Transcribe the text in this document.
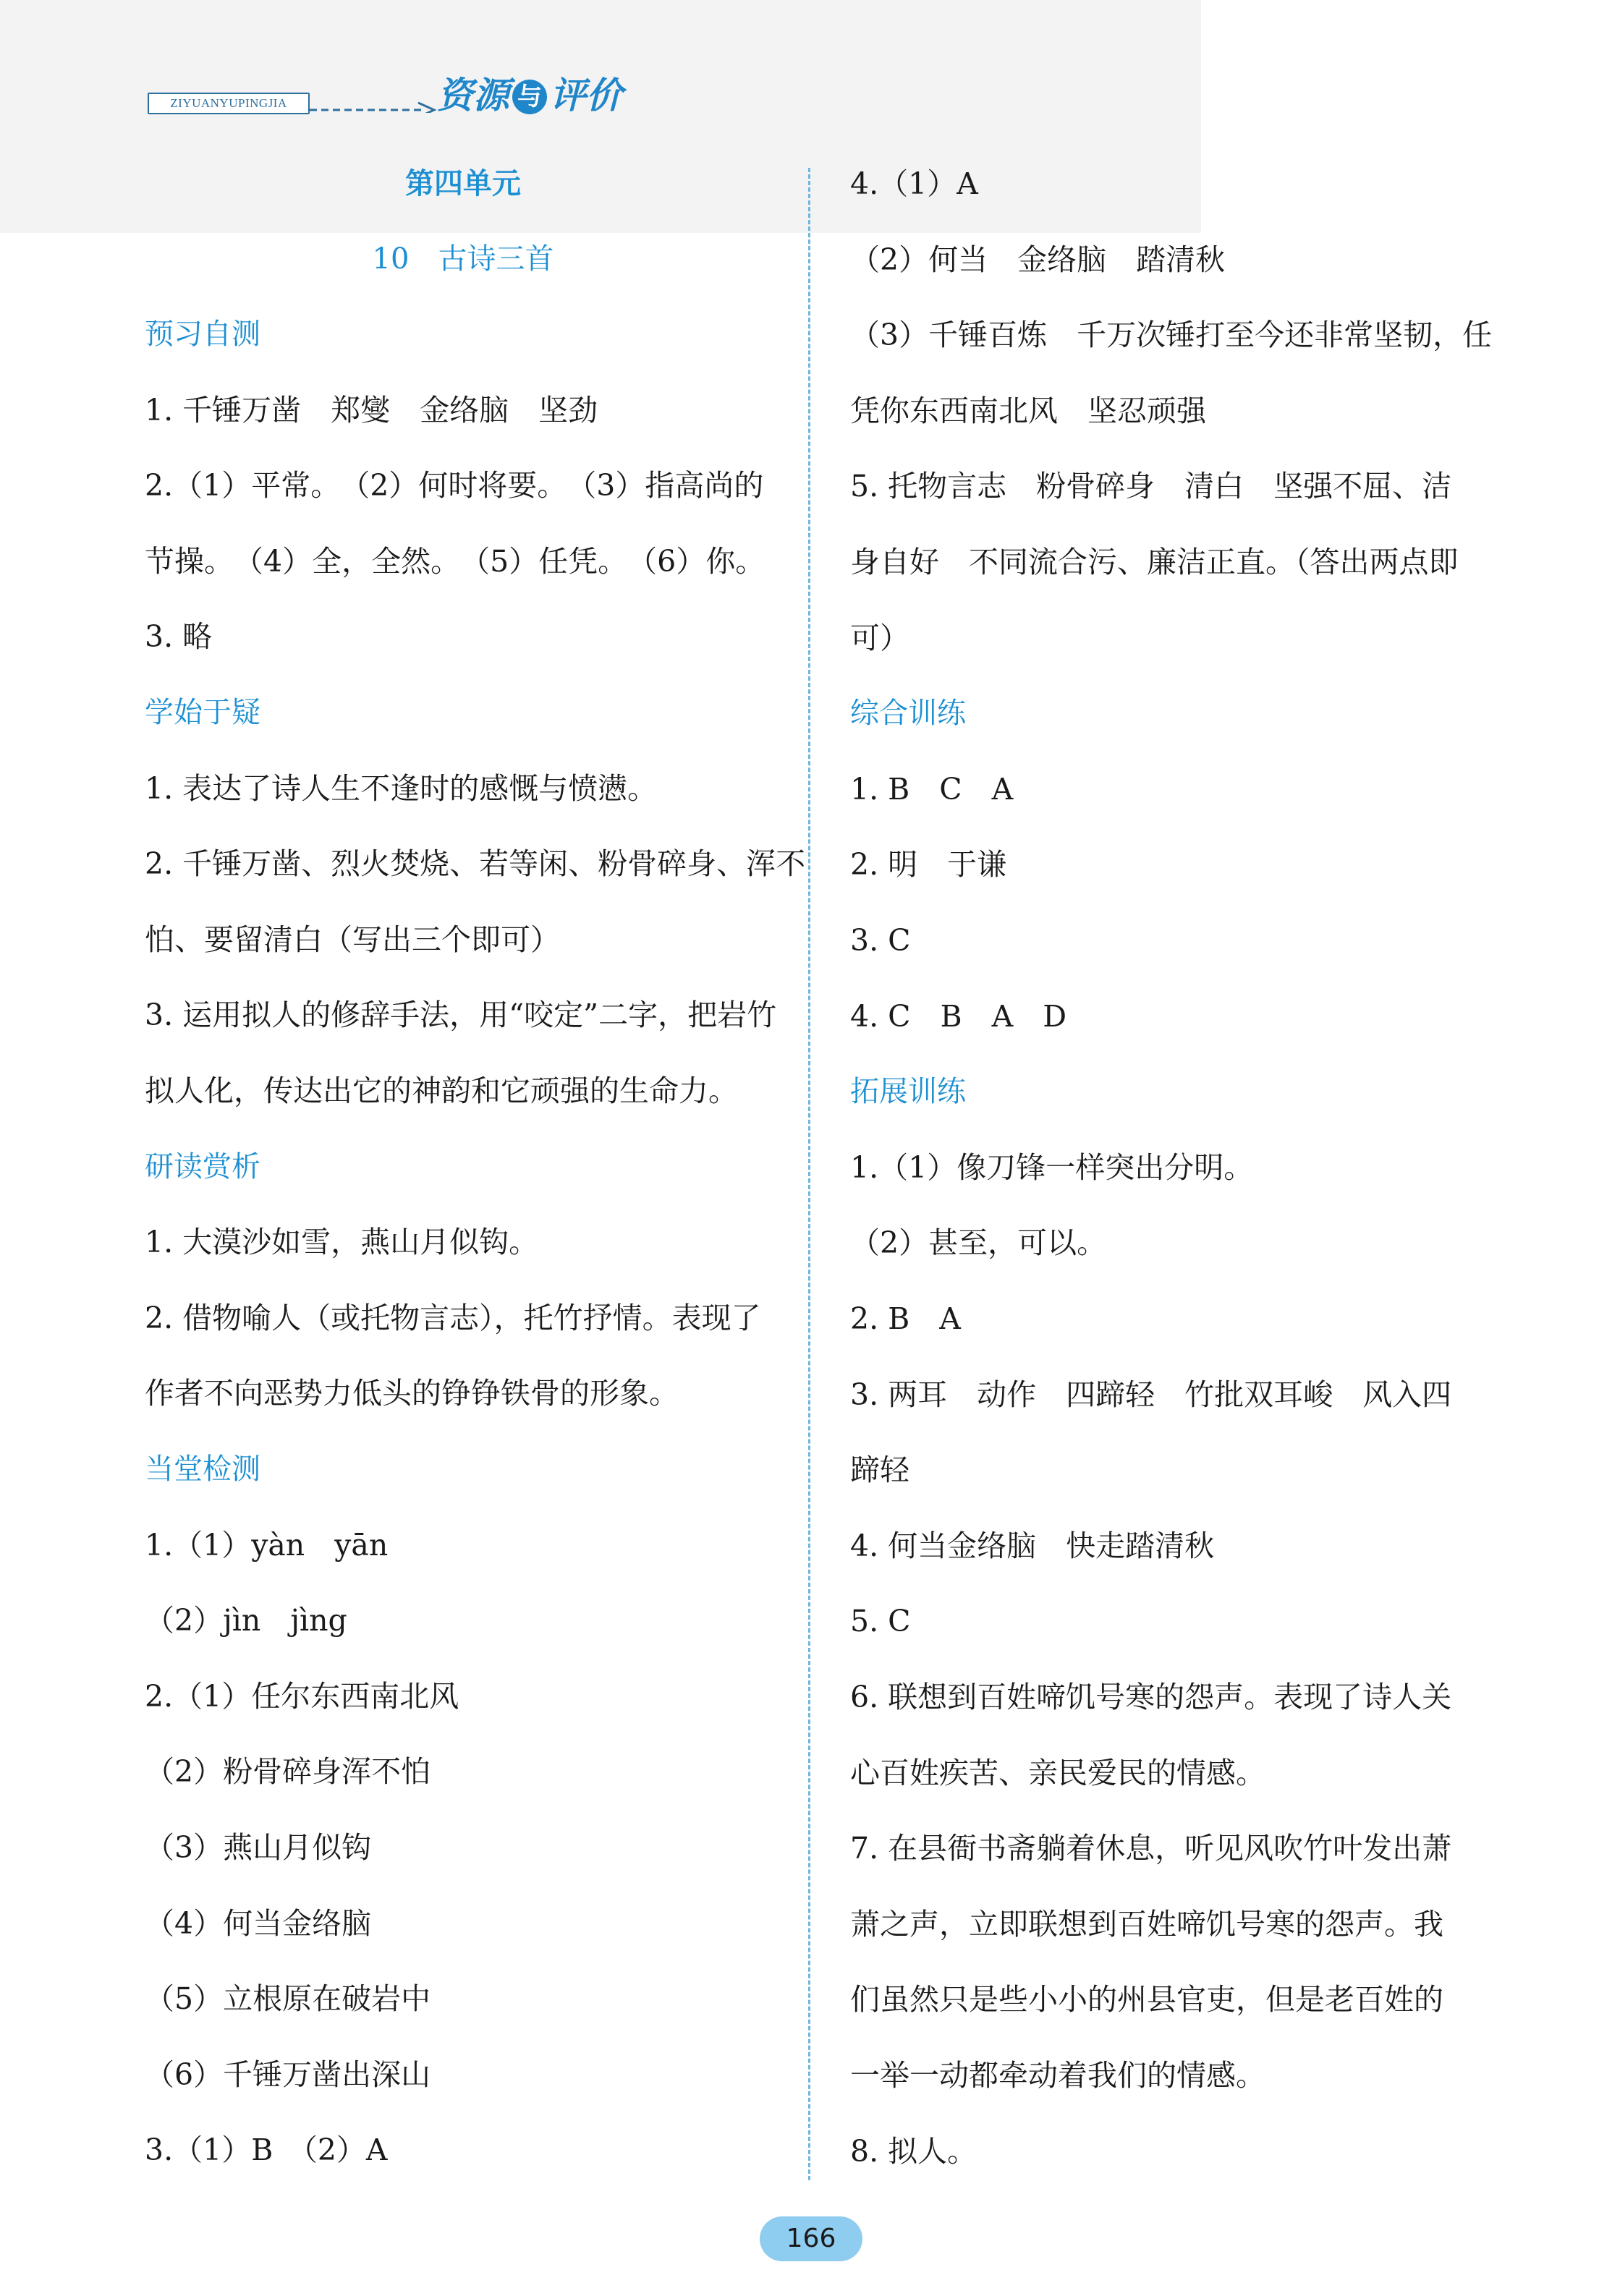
ZIYUANYUPINGJIA	资源 与 评价
第四单元
10　古诗三首
预习自测
1. 千锤万凿　郑燮　金络脑　坚劲
2.（1）平常。　（2）何时将要。　（3）指高尚的
节操。　（4）全，全然。　（5）任凭。　（6）你。
3. 略
学始于疑
1. 表达了诗人生不逢时的感慨与愤懑。
2. 千锤万凿、烈火焚烧、若等闲、粉骨碎身、浑不
怕、要留清白（写出三个即可）
3. 运用拟人的修辞手法，用“咬定”二字，把岩竹
拟人化，传达出它的神韵和它顽强的生命力。
研读赏析
1. 大漠沙如雪，燕山月似钩。
2. 借物喻人（或托物言志），托竹抒情。表现了
作者不向恶势力低头的铮铮铁骨的形象。
当堂检测
1.（1）yàn　yān
（2）jìn　jìng
2.（1）任尔东西南北风
（2）粉骨碎身浑不怕
（3）燕山月似钩
（4）何当金络脑
（5）立根原在破岩中
（6）千锤万凿出深山
3.（1）B　（2）A
4.（1）A
（2）何当　金络脑　踏清秋
（3）千锤百炼　千万次锤打至今还非常坚韧，任
凭你东西南北风　坚忍顽强
5. 托物言志　粉骨碎身　清白　坚强不屈、洁
身自好　不同流合污、廉洁正直。（答出两点即
可）
综合训练
1. B　C　A
2. 明　于谦
3. C
4. C　B　A　D
拓展训练
1.（1）像刀锋一样突出分明。
（2）甚至，可以。
2. B　A
3. 两耳　动作　四蹄轻　竹批双耳峻　风入四
蹄轻
4. 何当金络脑　快走踏清秋
5. C
6. 联想到百姓啼饥号寒的怨声。表现了诗人关
心百姓疾苦、亲民爱民的情感。
7. 在县衙书斋躺着休息，听见风吹竹叶发出萧
萧之声，立即联想到百姓啼饥号寒的怨声。我
们虽然只是些小小的州县官吏，但是老百姓的
一举一动都牵动着我们的情感。
8. 拟人。
166
